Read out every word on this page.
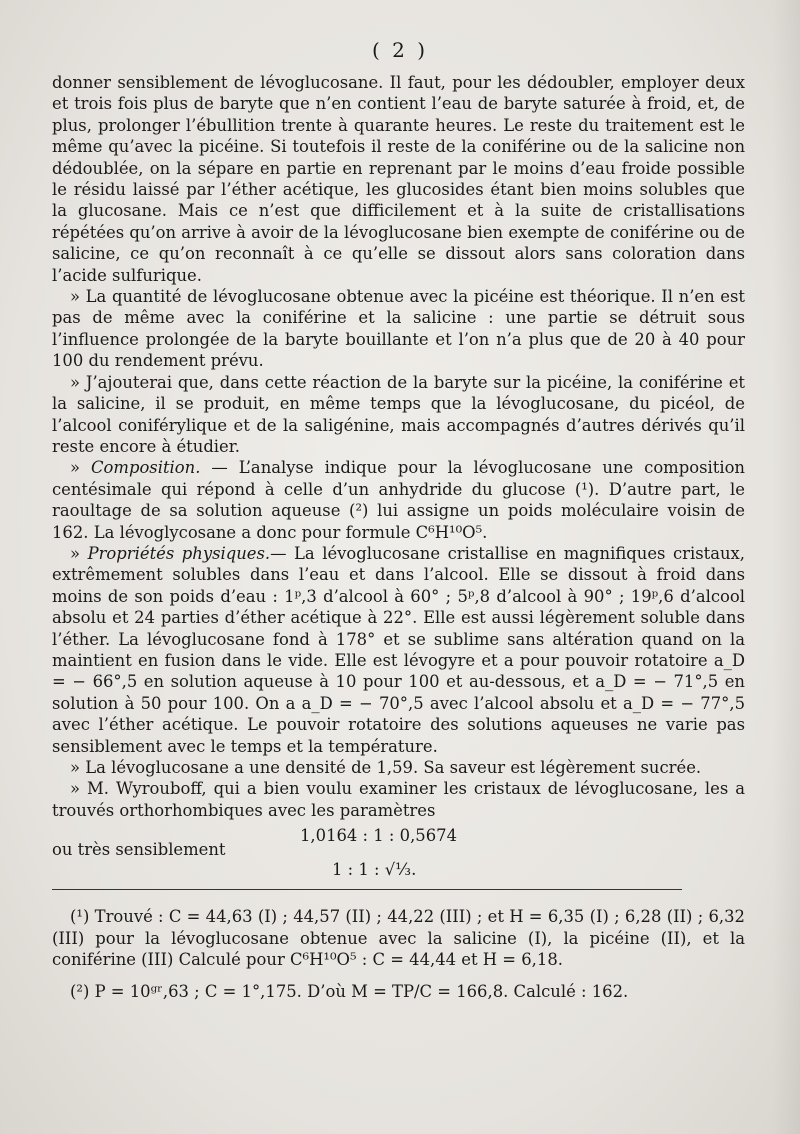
( 2 )

donner sensiblement de lévoglucosane. Il faut, pour les dédoubler, employer deux et trois fois plus de baryte que n’en contient l’eau de baryte saturée à froid, et, de plus, prolonger l’ébullition trente à quarante heures. Le reste du traitement est le même qu’avec la picéine. Si toutefois il reste de la coniférine ou de la salicine non dédoublée, on la sépare en partie en reprenant par le moins d’eau froide possible le résidu laissé par l’éther acétique, les glucosides étant bien moins solubles que la glucosane. Mais ce n’est que difficilement et à la suite de cristallisations répétées qu’on arrive à avoir de la lévoglucosane bien exempte de coniférine ou de salicine, ce qu’on reconnaît à ce qu’elle se dissout alors sans coloration dans l’acide sulfurique.

» La quantité de lévoglucosane obtenue avec la picéine est théorique. Il n’en est pas de même avec la coniférine et la salicine : une partie se détruit sous l’influence prolongée de la baryte bouillante et l’on n’a plus que de 20 à 40 pour 100 du rendement prévu.

» J’ajouterai que, dans cette réaction de la baryte sur la picéine, la coniférine et la salicine, il se produit, en même temps que la lévoglucosane, du picéol, de l’alcool coniférylique et de la saligénine, mais accompagnés d’autres dérivés qu’il reste encore à étudier.

» Composition. — L’analyse indique pour la lévoglucosane une composition centésimale qui répond à celle d’un anhydride du glucose (¹). D’autre part, le raoultage de sa solution aqueuse (²) lui assigne un poids moléculaire voisin de 162. La lévoglycosane a donc pour formule C⁶H¹⁰O⁵.

» Propriétés physiques.— La lévoglucosane cristallise en magnifiques cristaux, extrêmement solubles dans l’eau et dans l’alcool. Elle se dissout à froid dans moins de son poids d’eau : 1ᵖ,3 d’alcool à 60° ; 5ᵖ,8 d’alcool à 90° ; 19ᵖ,6 d’alcool absolu et 24 parties d’éther acétique à 22°. Elle est aussi légèrement soluble dans l’éther. La lévoglucosane fond à 178° et se sublime sans altération quand on la maintient en fusion dans le vide. Elle est lévogyre et a pour pouvoir rotatoire a_D = − 66°,5 en solution aqueuse à 10 pour 100 et au-dessous, et a_D = − 71°,5 en solution à 50 pour 100. On a a_D = − 70°,5 avec l’alcool absolu et a_D = − 77°,5 avec l’éther acétique. Le pouvoir rotatoire des solutions aqueuses ne varie pas sensiblement avec le temps et la température.

» La lévoglucosane a une densité de 1,59. Sa saveur est légèrement sucrée.

» M. Wyrouboff, qui a bien voulu examiner les cristaux de lévoglucosane, les a trouvés orthorhombiques avec les paramètres

1,0164 : 1 : 0,5674
ou très sensiblement
1 : 1 : √⅓.

(¹) Trouvé : C = 44,63 (I) ; 44,57 (II) ; 44,22 (III) ; et H = 6,35 (I) ; 6,28 (II) ; 6,32 (III) pour la lévoglucosane obtenue avec la salicine (I), la picéine (II), et la coniférine (III) Calculé pour C⁶H¹⁰O⁵ : C = 44,44 et H = 6,18.

(²) P = 10ᵍʳ,63 ; C = 1°,175. D’où M = TP/C = 166,8. Calculé : 162.
